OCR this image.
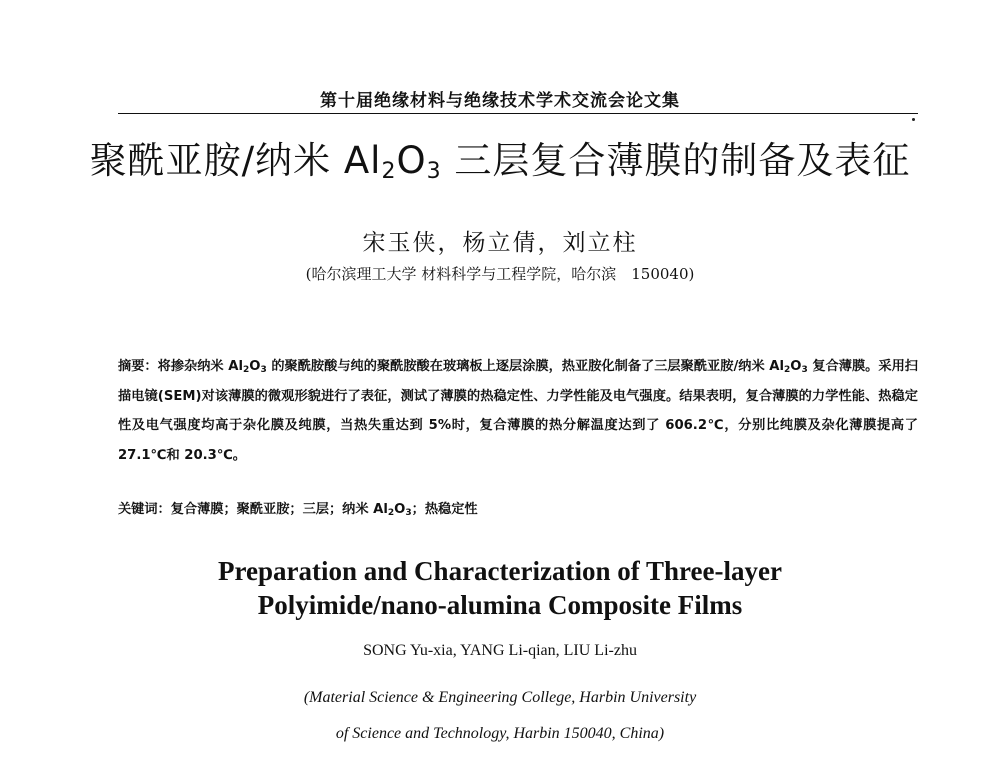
第十届绝缘材料与绝缘技术学术交流会论文集
聚酰亚胺/纳米 $Al_2O_3$ 三层复合薄膜的制备及表征
宋玉侠，杨立倩，刘立柱
(哈尔滨理工大学 材料科学与工程学院，哈尔滨　150040)

摘要：将掺杂纳米 $Al_2O_3$ 的聚酰胺酸与纯的聚酰胺酸在玻璃板上逐层涂膜，热亚胺化制备了三层聚酰亚胺/纳米 $Al_2O_3$ 复合薄膜。采用扫描电镜(SEM)对该薄膜的微观形貌进行了表征，测试了薄膜的热稳定性、力学性能及电气强度。结果表明，复合薄膜的力学性能、热稳定性及电气强度均高于杂化膜及纯膜，当热失重达到 5%时，复合薄膜的热分解温度达到了 606.2℃，分别比纯膜及杂化薄膜提高了 27.1℃和 20.3℃。

关键词：复合薄膜；聚酰亚胺；三层；纳米 $Al_2O_3$；热稳定性
Preparation and Characterization of Three-layer
Polyimide/nano-alumina Composite Films
SONG Yu-xia, YANG Li-qian, LIU Li-zhu
(Material Science & Engineering College, Harbin University
of Science and Technology, Harbin 150040, China)
